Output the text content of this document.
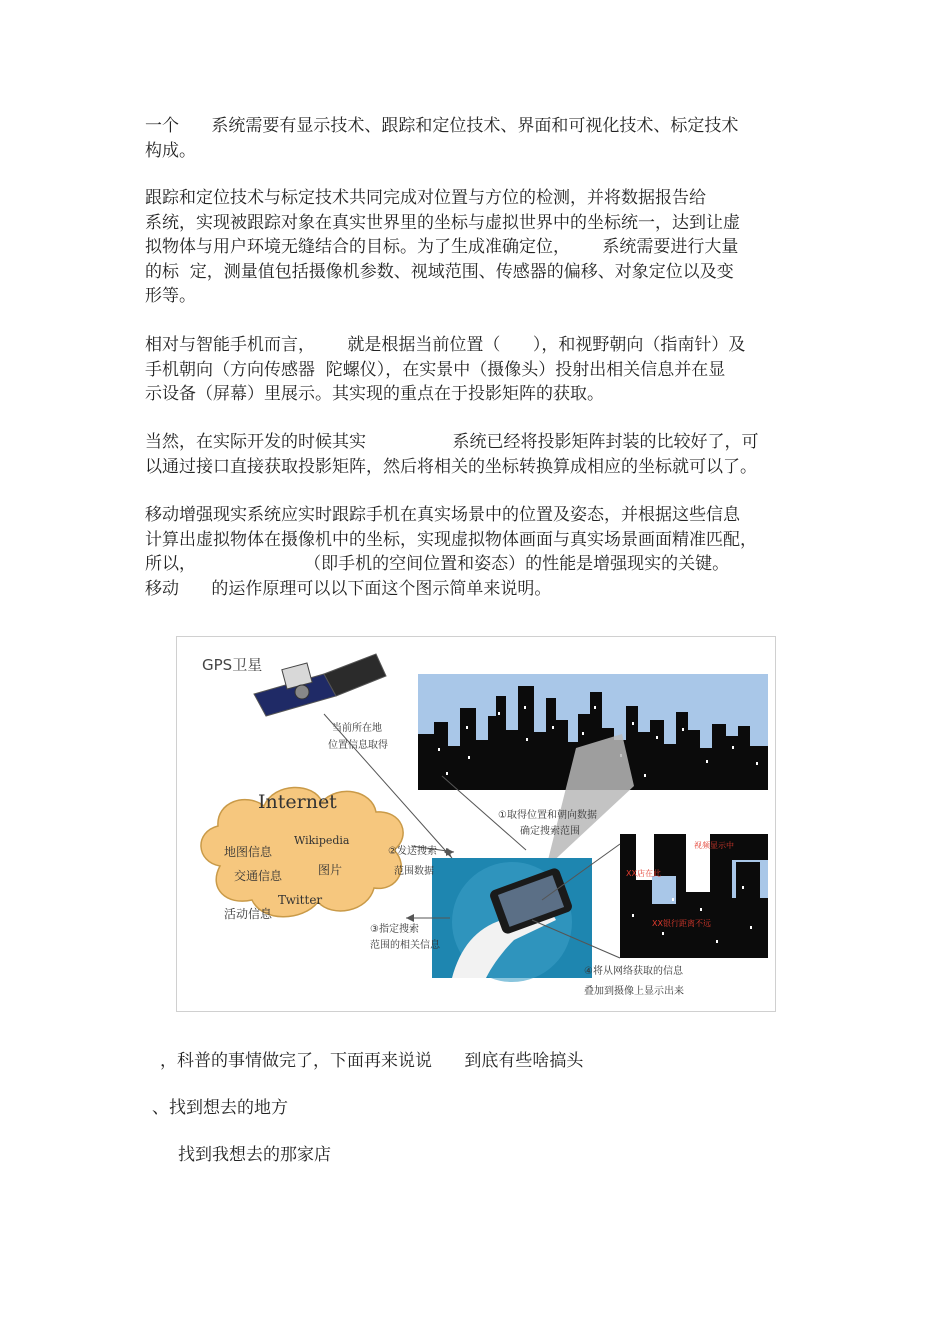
一个      系统需要有显示技术、跟踪和定位技术、界面和可视化技术、标定技术
构成。
跟踪和定位技术与标定技术共同完成对位置与方位的检测，并将数据报告给
系统，实现被跟踪对象在真实世界里的坐标与虚拟世界中的坐标统一，达到让虚
拟物体与用户环境无缝结合的目标。为了生成准确定位，      系统需要进行大量
的标  定，测量值包括摄像机参数、视域范围、传感器的偏移、对象定位以及变
形等。
相对与智能手机而言，      就是根据当前位置（      ），和视野朝向（指南针）及
手机朝向（方向传感器  陀螺仪），在实景中（摄像头）投射出相关信息并在显
示设备（屏幕）里展示。其实现的重点在于投影矩阵的获取。
当然，在实际开发的时候其实                系统已经将投影矩阵封装的比较好了，可
以通过接口直接获取投影矩阵，然后将相关的坐标转换算成相应的坐标就可以了。
移动增强现实系统应实时跟踪手机在真实场景中的位置及姿态，并根据这些信息
计算出虚拟物体在摄像机中的坐标，实现虚拟物体画面与真实场景画面精准匹配，
所以，                    （即手机的空间位置和姿态）的性能是增强现实的关键。
移动      的运作原理可以以下面这个图示简单来说明。
GPS卫星
当前所在地
位置信息取得
Internet
地图信息
交通信息
活动信息
Wikipedia
图片
Twitter
视频显示中
XX店在此
XX银行距离不远
①取得位置和朝向数据
确定搜索范围
②发送搜索
范围数据
③指定搜索
范围的相关信息
④将从网络获取的信息
叠加到摄像上显示出来
，科普的事情做完了，下面再来说说      到底有些啥搞头
、找到想去的地方
找到我想去的那家店
